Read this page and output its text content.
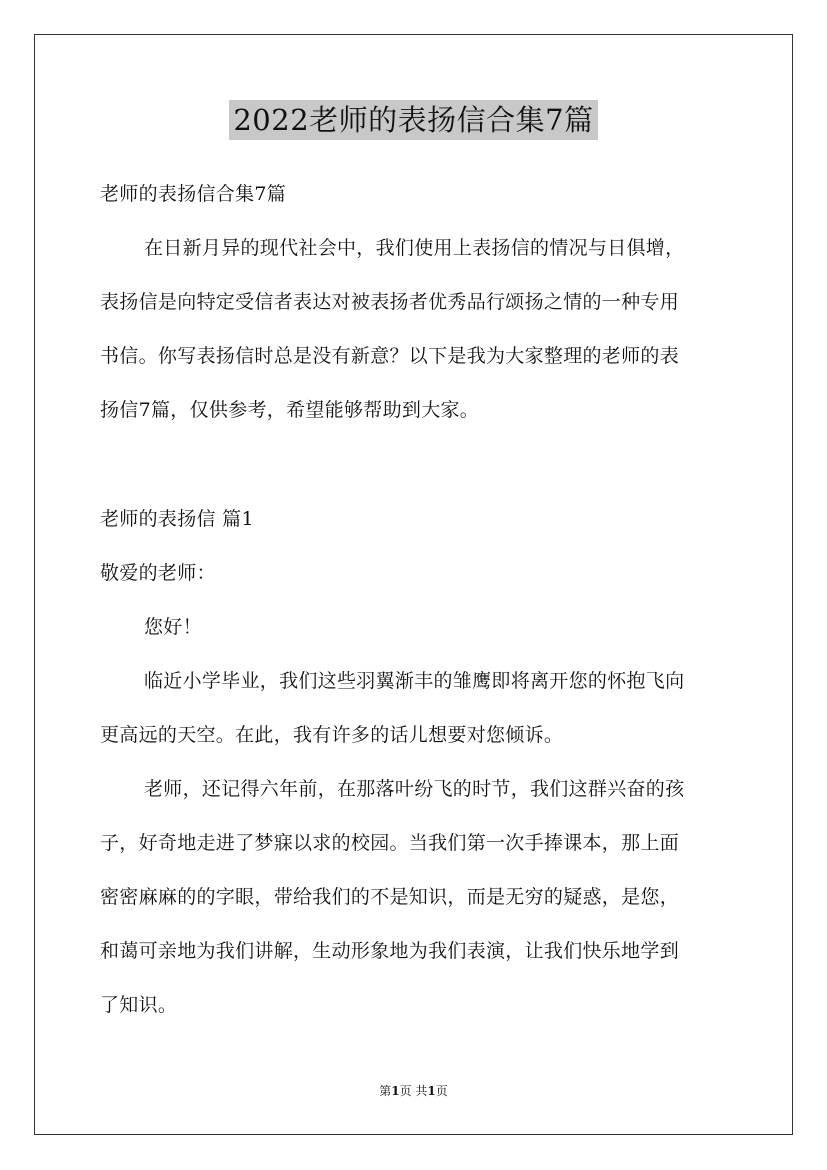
2022老师的表扬信合集7篇
老师的表扬信合集7篇
在日新月异的现代社会中，我们使用上表扬信的情况与日俱增，
表扬信是向特定受信者表达对被表扬者优秀品行颂扬之情的一种专用
书信。你写表扬信时总是没有新意？以下是我为大家整理的老师的表
扬信7篇，仅供参考，希望能够帮助到大家。
老师的表扬信 篇1
敬爱的老师：
您好！
临近小学毕业，我们这些羽翼渐丰的雏鹰即将离开您的怀抱飞向
更高远的天空。在此，我有许多的话儿想要对您倾诉。
老师，还记得六年前，在那落叶纷飞的时节，我们这群兴奋的孩
子，好奇地走进了梦寐以求的校园。当我们第一次手捧课本，那上面
密密麻麻的的字眼，带给我们的不是知识，而是无穷的疑惑，是您，
和蔼可亲地为我们讲解，生动形象地为我们表演，让我们快乐地学到
了知识。
第1页 共1页
